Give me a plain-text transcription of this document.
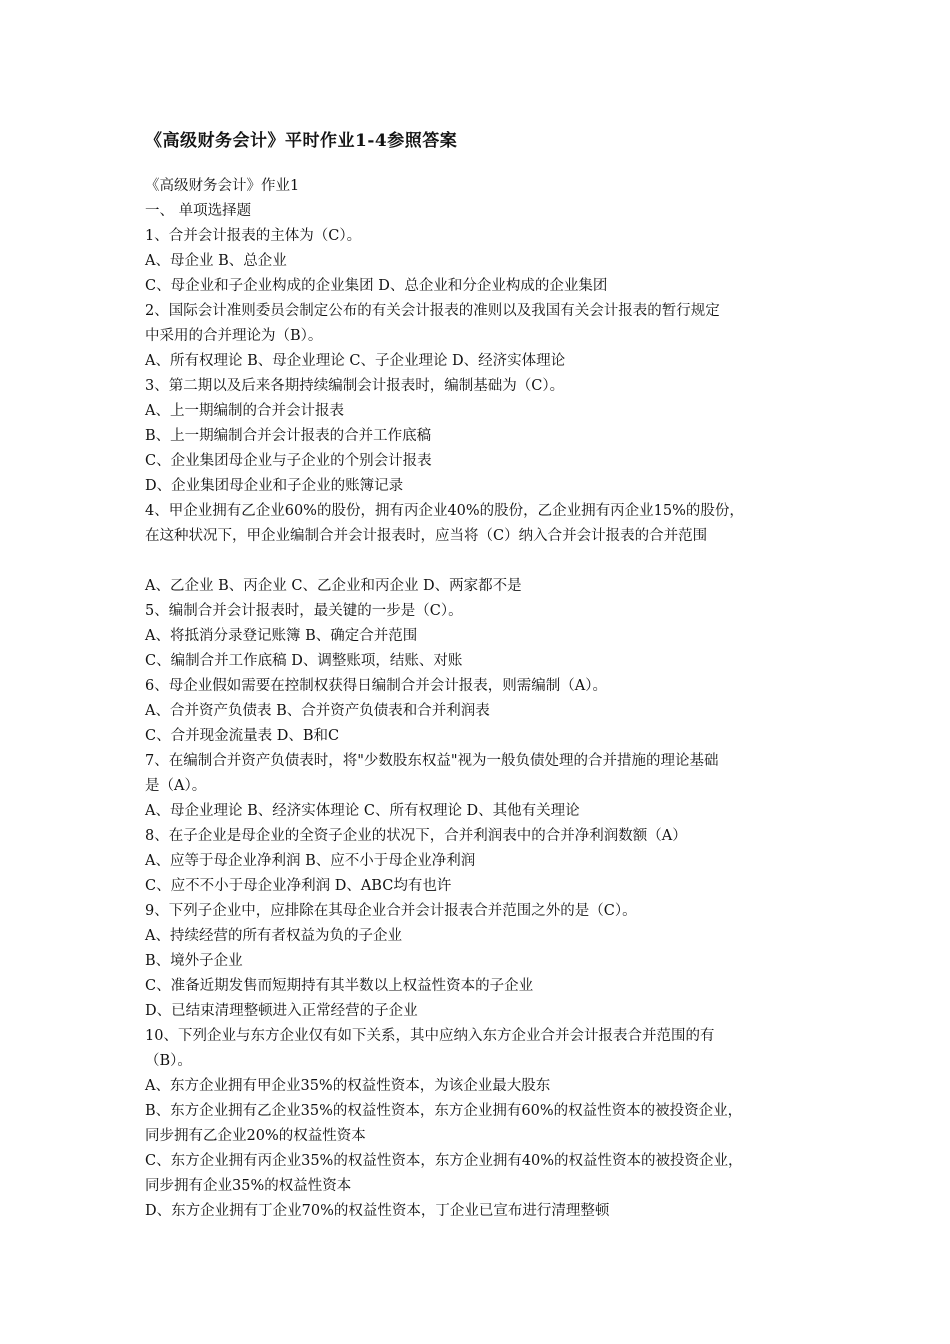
《高级财务会计》平时作业1-4参照答案
《高级财务会计》作业1
一、 单项选择题
1、合并会计报表的主体为（C）。
A、母企业 B、总企业
C、母企业和子企业构成的企业集团 D、总企业和分企业构成的企业集团
2、国际会计准则委员会制定公布的有关会计报表的准则以及我国有关会计报表的暂行规定
中采用的合并理论为（B）。
A、所有权理论 B、母企业理论 C、子企业理论 D、经济实体理论
3、第二期以及后来各期持续编制会计报表时，编制基础为（C）。
A、上一期编制的合并会计报表
B、上一期编制合并会计报表的合并工作底稿
C、企业集团母企业与子企业的个别会计报表
D、企业集团母企业和子企业的账簿记录
4、甲企业拥有乙企业60%的股份，拥有丙企业40%的股份，乙企业拥有丙企业15%的股份，
在这种状况下，甲企业编制合并会计报表时，应当将（C）纳入合并会计报表的合并范围
A、乙企业 B、丙企业 C、乙企业和丙企业 D、两家都不是
5、编制合并会计报表时，最关键的一步是（C）。
A、将抵消分录登记账簿 B、确定合并范围
C、编制合并工作底稿 D、调整账项，结账、对账
6、母企业假如需要在控制权获得日编制合并会计报表，则需编制（A）。
A、合并资产负债表 B、合并资产负债表和合并利润表
C、合并现金流量表 D、B和C
7、在编制合并资产负债表时，将"少数股东权益"视为一般负债处理的合并措施的理论基础
是（A）。
A、母企业理论 B、经济实体理论 C、所有权理论 D、其他有关理论
8、在子企业是母企业的全资子企业的状况下，合并利润表中的合并净利润数额（A）
A、应等于母企业净利润 B、应不小于母企业净利润
C、应不不小于母企业净利润 D、ABC均有也许
9、下列子企业中，应排除在其母企业合并会计报表合并范围之外的是（C）。
A、持续经营的所有者权益为负的子企业
B、境外子企业
C、准备近期发售而短期持有其半数以上权益性资本的子企业
D、已结束清理整顿进入正常经营的子企业
10、下列企业与东方企业仅有如下关系，其中应纳入东方企业合并会计报表合并范围的有
（B）。
A、东方企业拥有甲企业35%的权益性资本，为该企业最大股东
B、东方企业拥有乙企业35%的权益性资本，东方企业拥有60%的权益性资本的被投资企业，
同步拥有乙企业20%的权益性资本
C、东方企业拥有丙企业35%的权益性资本，东方企业拥有40%的权益性资本的被投资企业，
同步拥有企业35%的权益性资本
D、东方企业拥有丁企业70%的权益性资本，丁企业已宣布进行清理整顿
